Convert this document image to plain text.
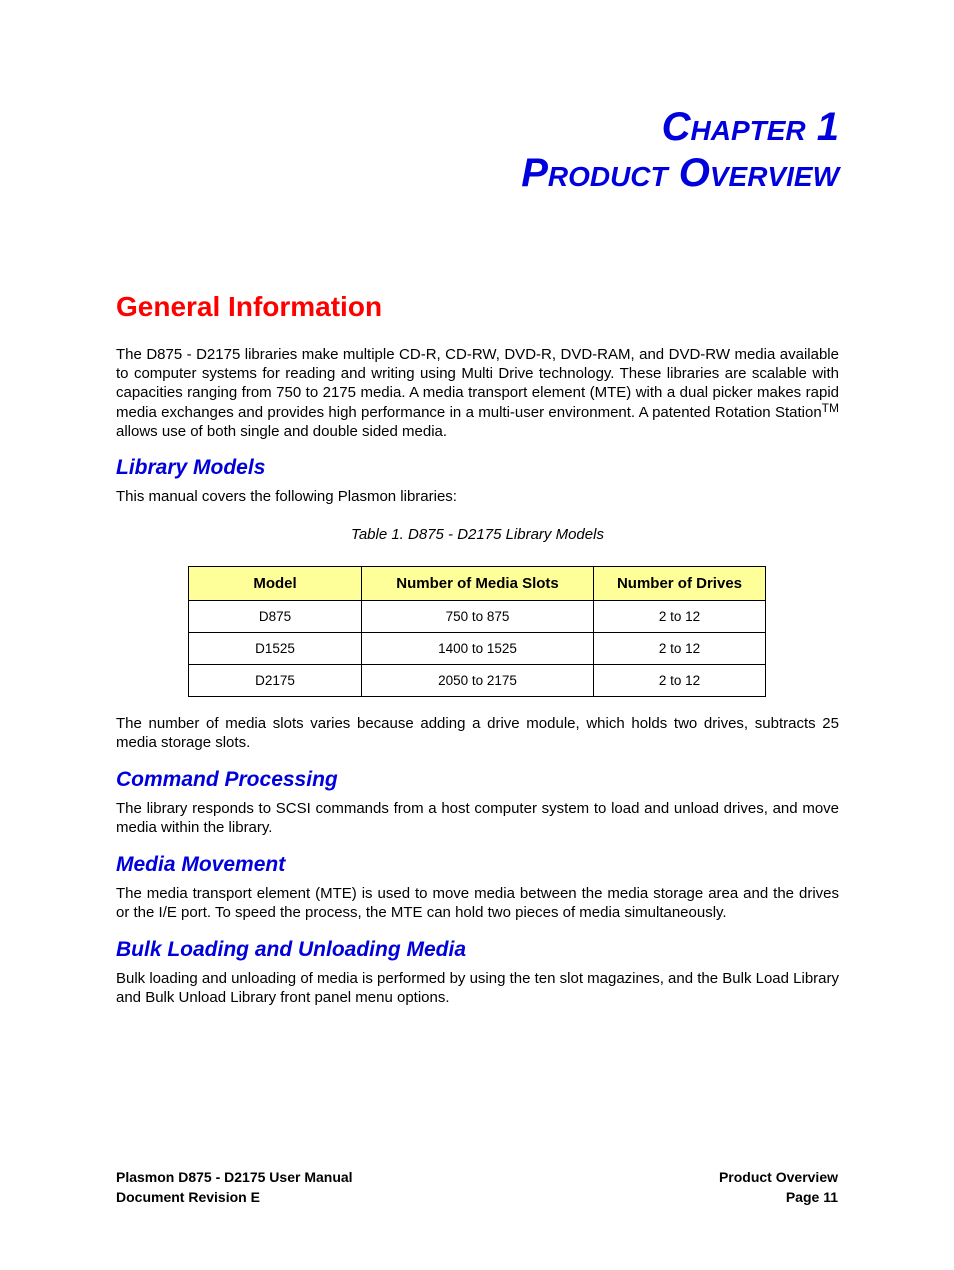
Chapter 1
Product Overview
General Information

The D875 - D2175 libraries make multiple CD-R, CD-RW, DVD-R, DVD-RAM, and DVD-RW media available to computer systems for reading and writing using Multi Drive technology. These libraries are scalable with capacities ranging from 750 to 2175 media. A media transport element (MTE) with a dual picker makes rapid media exchanges and provides high performance in a multi-user environment. A patented Rotation Station™ allows use of both single and double sided media.

Library Models

This manual covers the following Plasmon libraries:

Table 1. D875 - D2175 Library Models

Model	Number of Media Slots	Number of Drives
D875	750 to 875	2 to 12
D1525	1400 to 1525	2 to 12
D2175	2050 to 2175	2 to 12

The number of media slots varies because adding a drive module, which holds two drives, subtracts 25 media storage slots.

Command Processing

The library responds to SCSI commands from a host computer system to load and unload drives, and move media within the library.

Media Movement

The media transport element (MTE) is used to move media between the media storage area and the drives or the I/E port. To speed the process, the MTE can hold two pieces of media simultaneously.

Bulk Loading and Unloading Media

Bulk loading and unloading of media is performed by using the ten slot magazines, and the Bulk Load Library and Bulk Unload Library front panel menu options.

Plasmon D875 - D2175 User Manual
Document Revision E
Product Overview
Page 11
